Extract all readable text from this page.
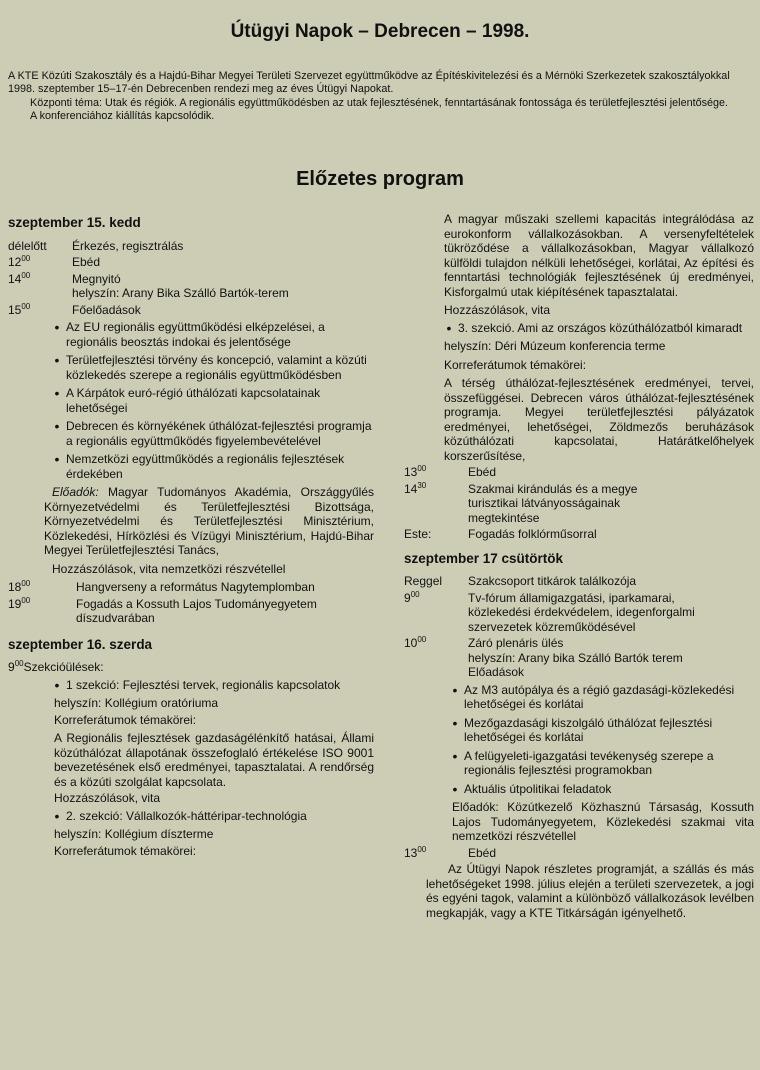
Útügyi Napok – Debrecen – 1998.

A KTE Közúti Szakosztály és a Hajdú-Bihar Megyei Területi Szervezet együttműködve az Építéskivitelezési és a Mérnöki Szerkezetek szakosztályokkal 1998. szeptember 15–17-én Debrecenben rendezi meg az éves Útügyi Napokat.

Központi téma: Utak és régiók. A regionális együttműködésben az utak fejlesztésének, fenntartásának fontossága és területfejlesztési jelentősége.

A konferenciához kiállítás kapcsolódik.

Előzetes program
szeptember 15. kedd
délelőtt	Érkezés, regisztrálás
$12^{00}$	Ebéd
$14^{00}$	Megnyitó
helyszín: Arany Bika Szálló Bartók-terem
$15^{00}$	Főelőadások
• Az EU regionális együttműködési elképzelései, a regionális beosztás indokai és jelentősége
• Területfejlesztési törvény és koncepció, valamint a közúti közlekedés szerepe a regionális együttműködésben
• A Kárpátok euró-régió úthálózati kapcsolatainak lehetőségei
• Debrecen és környékének úthálózat-fejlesztési programja a regionális együttműködés figyelembevételével
• Nemzetközi együttműködés a regionális fejlesztések érdekében
Előadók: Magyar Tudományos Akadémia, Országgyűlés Környezetvédelmi és Területfejlesztési Bizottsága, Környezetvédelmi és Területfejlesztési Minisztérium, Közlekedési, Hírközlési és Vízügyi Minisztérium, Hajdú-Bihar Megyei Területfejlesztési Tanács,
Hozzászólások, vita nemzetközi részvétellel
$18^{00}$	Hangverseny a református Nagytemplomban
$19^{00}$	Fogadás a Kossuth Lajos Tudományegyetem díszudvarában
szeptember 16. szerda
$9^{00}$ Szekcióülések:
• 1 szekció: Fejlesztési tervek, regionális kapcsolatok
helyszín: Kollégium oratóriuma
Korreferátumok témakörei:
A Regionális fejlesztések gazdaságélénkítő hatásai, Állami közúthálózat állapotának összefoglaló értékelése ISO 9001 bevezetésének első eredményei, tapasztalatai. A rendőrség és a közúti szolgálat kapcsolata.
Hozzászólások, vita
• 2. szekció: Vállalkozók-háttéripar-technológia
helyszín: Kollégium díszterme
Korreferátumok témakörei:
A magyar műszaki szellemi kapacitás integrálódása az eurokonform vállalkozásokban. A versenyfeltételek tükröződése a vállalkozásokban, Magyar vállalkozó külföldi tulajdon nélküli lehetőségei, korlátai, Az építési és fenntartási technológiák fejlesztésének új eredményei, Kisforgalmú utak kiépítésének tapasztalatai.
Hozzászólások, vita
• 3. szekció. Ami az országos közúthálózatból kimaradt
helyszín: Déri Múzeum konferencia terme
Korreferátumok témakörei:
A térség úthálózat-fejlesztésének eredményei, tervei, összefüggései. Debrecen város úthálózat-fejlesztésének programja. Megyei területfejlesztési pályázatok eredményei, lehetőségei, Zöldmezős beruházások közúthálózati kapcsolatai, Határátkelőhelyek korszerűsítése,
$13^{00}$	Ebéd
$14^{30}$	Szakmai kirándulás és a megye turisztikai látványosságainak megtekintése
Este:	Fogadás folklórműsorral
szeptember 17 csütörtök
Reggel	Szakcsoport titkárok találkozója
$9^{00}$	Tv-fórum államigazgatási, iparkamarai, közlekedési érdekvédelem, idegenforgalmi szervezetek közreműködésével
$10^{00}$	Záró plenáris ülés
helyszín: Arany bika Szálló Bartók terem
Előadások
• Az M3 autópálya és a régió gazdasági-közlekedési lehetőségei és korlátai
• Mezőgazdasági kiszolgáló úthálózat fejlesztési lehetőségei és korlátai
• A felügyeleti-igazgatási tevékenység szerepe a regionális fejlesztési programokban
• Aktuális útpolitikai feladatok
Előadók: Közútkezelő Közhasznú Társaság, Kossuth Lajos Tudományegyetem, Közlekedési szakmai vita nemzetközi részvétellel
$13^{00}$	Ebéd
Az Útügyi Napok részletes programját, a szállás és más lehetőségeket 1998. július elején a területi szervezetek, a jogi és egyéni tagok, valamint a különböző vállalkozások levélben megkapják, vagy a KTE Titkárságán igényelhető.
